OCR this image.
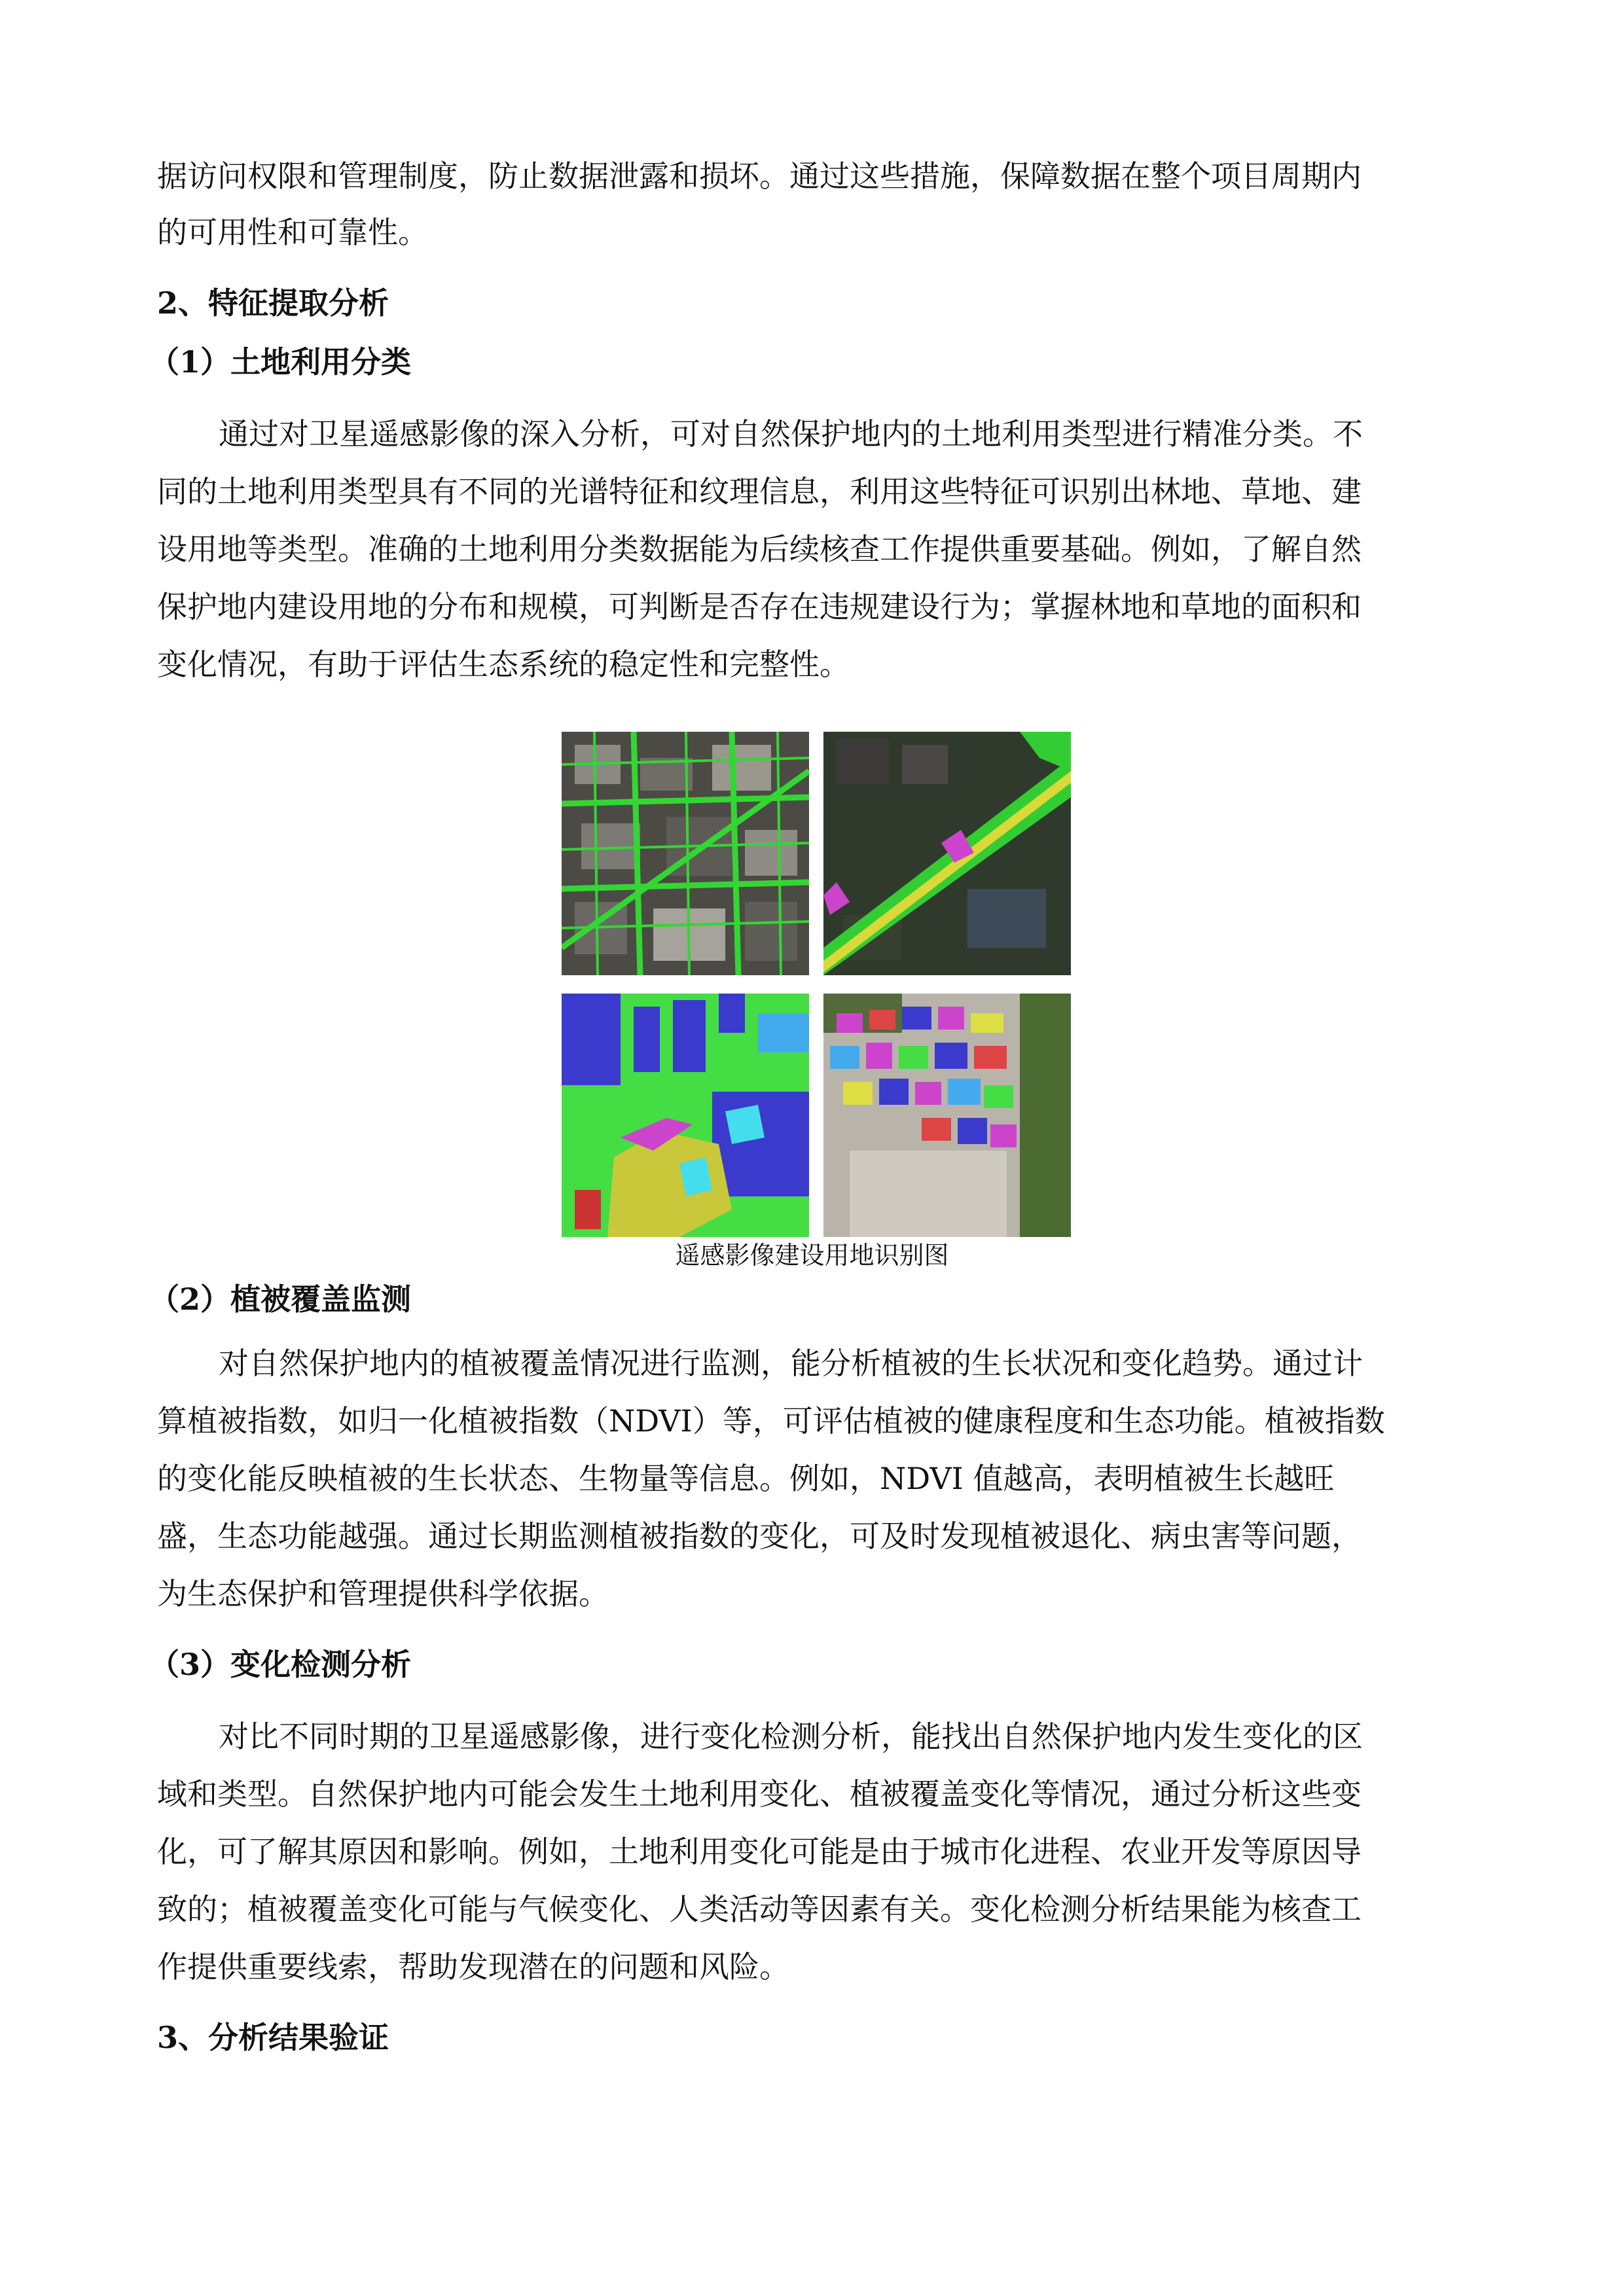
据访问权限和管理制度，防止数据泄露和损坏。通过这些措施，保障数据在整个项目周期内
的可用性和可靠性。
2、特征提取分析
（1）土地利用分类
通过对卫星遥感影像的深入分析，可对自然保护地内的土地利用类型进行精准分类。不
同的土地利用类型具有不同的光谱特征和纹理信息，利用这些特征可识别出林地、草地、建
设用地等类型。准确的土地利用分类数据能为后续核查工作提供重要基础。例如，了解自然
保护地内建设用地的分布和规模，可判断是否存在违规建设行为；掌握林地和草地的面积和
变化情况，有助于评估生态系统的稳定性和完整性。
遥感影像建设用地识别图
（2）植被覆盖监测
对自然保护地内的植被覆盖情况进行监测，能分析植被的生长状况和变化趋势。通过计
算植被指数，如归一化植被指数（NDVI）等，可评估植被的健康程度和生态功能。植被指数
的变化能反映植被的生长状态、生物量等信息。例如，NDVI 值越高，表明植被生长越旺
盛，生态功能越强。通过长期监测植被指数的变化，可及时发现植被退化、病虫害等问题，
为生态保护和管理提供科学依据。
（3）变化检测分析
对比不同时期的卫星遥感影像，进行变化检测分析，能找出自然保护地内发生变化的区
域和类型。自然保护地内可能会发生土地利用变化、植被覆盖变化等情况，通过分析这些变
化，可了解其原因和影响。例如，土地利用变化可能是由于城市化进程、农业开发等原因导
致的；植被覆盖变化可能与气候变化、人类活动等因素有关。变化检测分析结果能为核查工
作提供重要线索，帮助发现潜在的问题和风险。
3、分析结果验证
